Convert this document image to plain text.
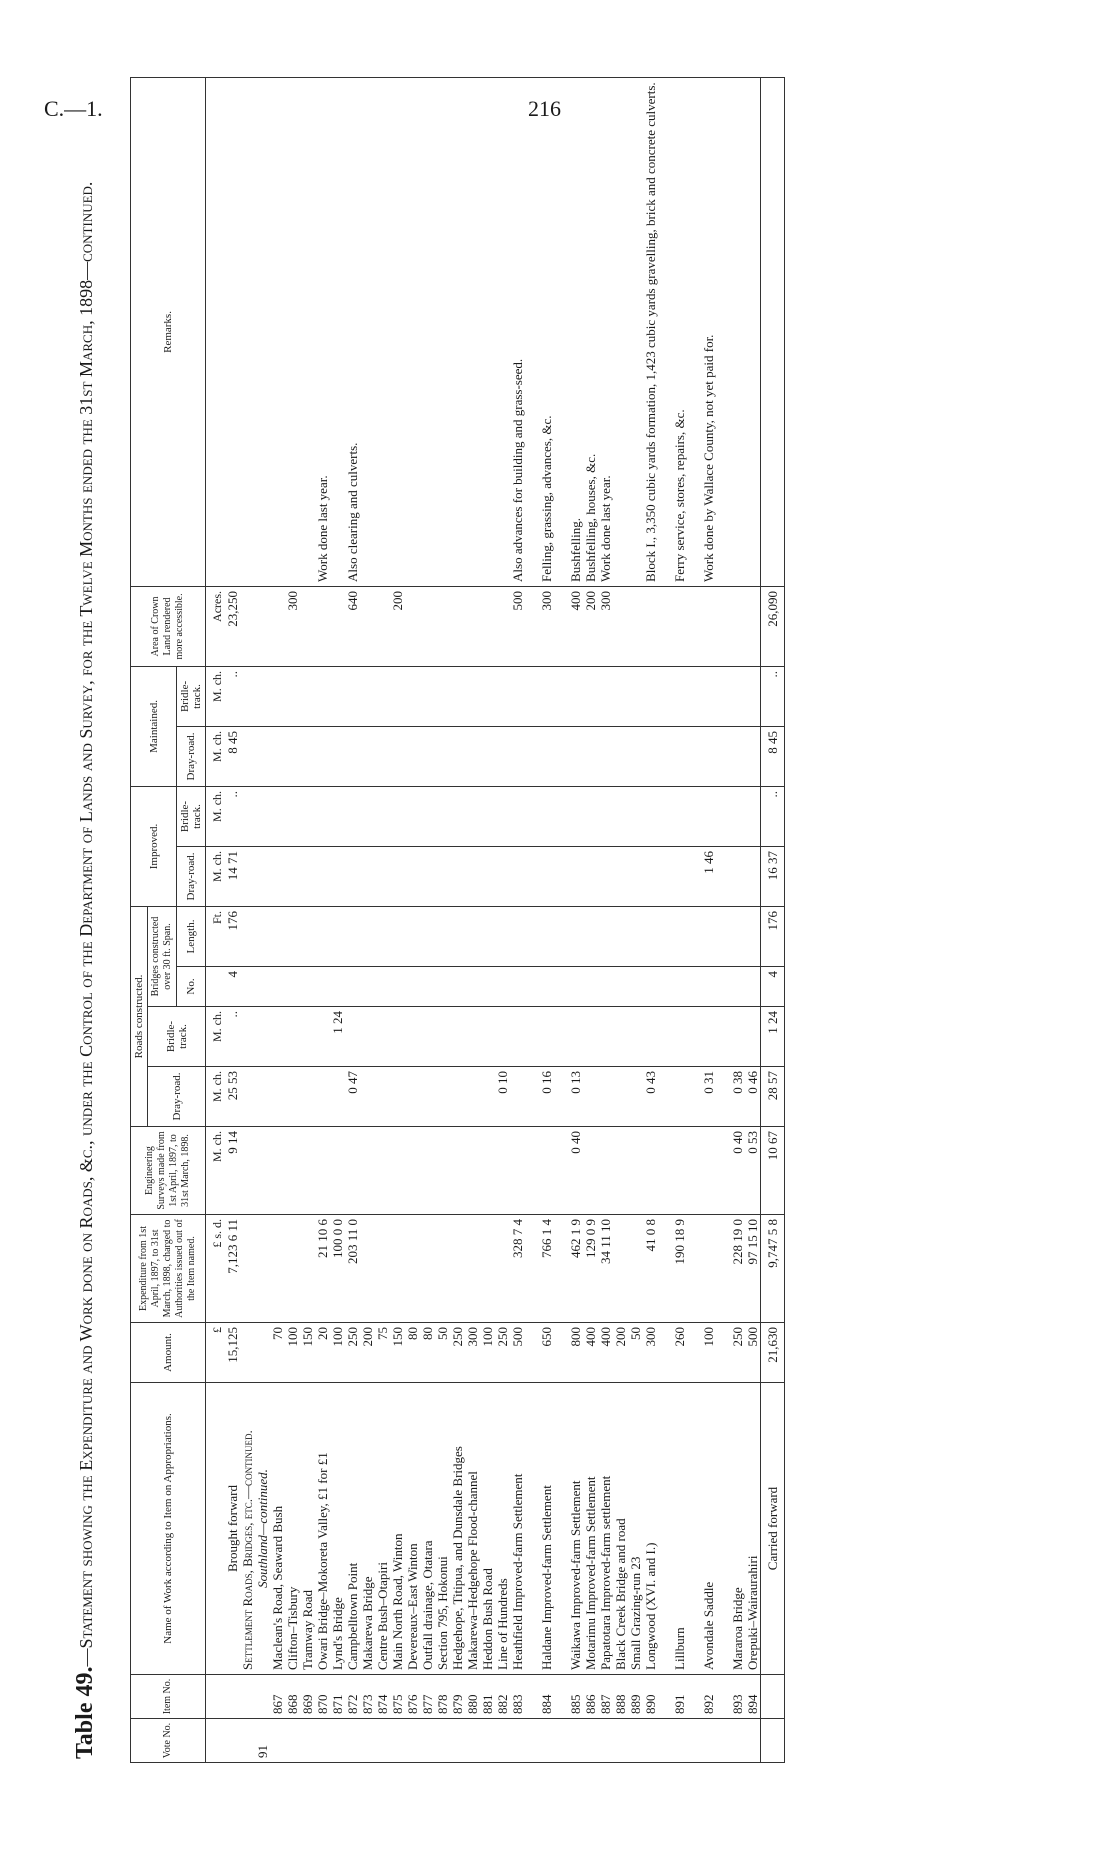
C.—1.	216
Table 49.—Statement showing the Expenditure and Work done on Roads, &c., under the Control of the Department of Lands and Survey, for the Twelve Months ended the 31st March, 1898—continued.
Vote No.	Item No.	Name of Work according to Item on Appropriations.	Amount.	Expenditure from 1st April, 1897, to 31st March, 1898, charged to Authorities issued out of the Item named.	Engineering Surveys made from 1st April, 1897, to 31st March, 1898.	Roads constructed.				Improved.		Maintained.		Area of Crown Land rendered more accessible.	Remarks.
						Dray-road.	Bridle-track.	Bridges constructed over 30 ft. Span.							
								No.	Length.	Dray-road.	Bridle-track.	Dray-road.	Bridle-track.		
			£	£ s. d.	M. ch.	M. ch.	M. ch.		Ft.	M. ch.	M. ch.	M. ch.	M. ch.	Acres.	
		Brought forward	15,125	7,123 6 11	9 14	25 53	..	4	176	14 71	..	8 45	..	23,250	
		Settlement Roads, Bridges, etc.—continued.													
91		Southland—continued.													
	867	Maclean's Road, Seaward Bush	70												
	868	Clifton–Tisbury	100											300	
	869	Tramway Road	150												
	870	Owari Bridge–Mokoreta Valley, £1 for £1	20	21 10 6											Work done last year.
	871	Lynd's Bridge	100	100 0 0			1 24								
	872	Campbelltown Point	250	203 11 0		0 47								640	Also clearing and culverts.
	873	Makarewa Bridge	200												
	874	Centre Bush–Otapiri	75												
	875	Main North Road, Winton	150											200	
	876	Devereaux–East Winton	80												
	877	Outfall drainage, Otatara	80												
	878	Section 795, Hokonui	50												
	879	Hedgehope, Titipua, and Dunsdale Bridges	250												
	880	Makarewa–Hedgehope Flood-channel	300												
	881	Heddon Bush Road	100												
	882	Line of Hundreds	250			0 10									
	883	Heathfield Improved-farm Settlement	500	328 7 4										500	Also advances for building and grass-seed.

	884	Haldane Improved-farm Settlement	650	766 1 4		0 16								300	Felling, grassing, advances, &c.

	885	Waikawa Improved-farm Settlement	800	462 1 9	0 40	0 13								400	Bushfelling.
	886	Motarimu Improved-farm Settlement	400	129 0 9										200	Bushfelling, houses, &c.
	887	Papatotara Improved-farm settlement	400	34 11 10										300	Work done last year.
	888	Black Creek Bridge and road	200												
	889	Small Grazing-run 23	50												
	890	Longwood (XVI. and I.)	300	41 0 8		0 43									Block I., 3,350 cubic yards formation, 1,423 cubic yards gravelling, brick and concrete culverts.

	891	Lillburn	260	190 18 9											Ferry service, stores, repairs, &c.

	892	Avondale Saddle	100			0 31				1 46					Work done by Wallace County, not yet paid for.

	893	Mararoa Bridge	250	228 19 0	0 40	0 38									
	894	Orepuki–Wairaurahiri	500	97 15 10	0 53	0 46									
		Carried forward	21,630	9,747 5 8	10 67	28 57	1 24	4	176	16 37	..	8 45	..	26,090	
